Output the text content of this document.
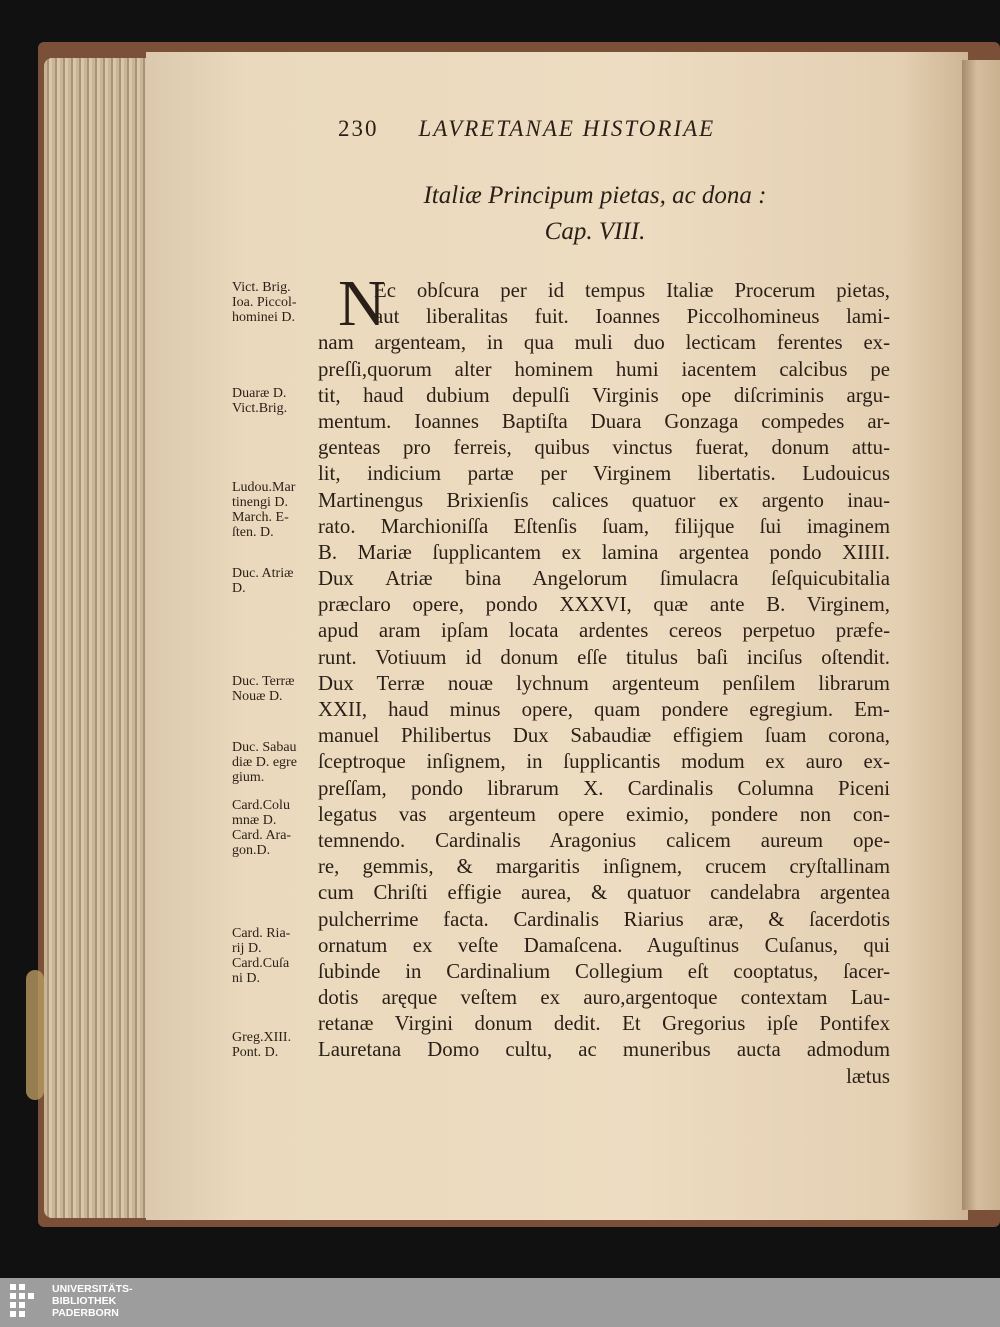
230 LAVRETANAE HISTORIAE
Italiæ Principum pietas, ac dona :
Cap. VIII.
N
Ec obſcura per id tempus Italiæ Procerum pietas,
aut liberalitas fuit. Ioannes Piccolhomineus lami-
nam argenteam, in qua muli duo lecticam ferentes ex-
preſſi,quorum alter hominem humi iacentem calcibus pe
tit, haud dubium depulſi Virginis ope diſcriminis argu-
mentum. Ioannes Baptiſta Duara Gonzaga compedes ar-
genteas pro ferreis, quibus vinctus fuerat, donum attu-
lit, indicium partæ per Virginem libertatis. Ludouicus
Martinengus Brixienſis calices quatuor ex argento inau-
rato. Marchioniſſa Eſtenſis ſuam, filijque ſui imaginem
B. Mariæ ſupplicantem ex lamina argentea pondo XIIII.
Dux Atriæ bina Angelorum ſimulacra ſeſquicubitalia
præclaro opere, pondo XXXVI, quæ ante B. Virginem,
apud aram ipſam locata ardentes cereos perpetuo præfe-
runt. Votiuum id donum eſſe titulus baſi inciſus oſtendit.
Dux Terræ nouæ lychnum argenteum penſilem librarum
XXII, haud minus opere, quam pondere egregium. Em-
manuel Philibertus Dux Sabaudiæ effigiem ſuam corona,
ſceptroque inſignem, in ſupplicantis modum ex auro ex-
preſſam, pondo librarum X. Cardinalis Columna Piceni
legatus vas argenteum opere eximio, pondere non con-
temnendo. Cardinalis Aragonius calicem aureum ope-
re, gemmis, & margaritis inſignem, crucem cryſtallinam
cum Chriſti effigie aurea, & quatuor candelabra argentea
pulcherrime facta. Cardinalis Riarius aræ, & ſacerdotis
ornatum ex veſte Damaſcena. Auguſtinus Cuſanus, qui
ſubinde in Cardinalium Collegium eſt cooptatus, ſacer-
dotis aręque veſtem ex auro,argentoque contextam Lau-
retanæ Virgini donum dedit. Et Gregorius ipſe Pontifex
Lauretana Domo cultu, ac muneribus aucta admodum
lætus
Vict. Brig.
Ioa. Piccol-
hominei D.
Duaræ D.
Vict.Brig.
Ludou.Mar
tinengi D.
March. E-
ſten. D.
Duc. Atriæ
D.
Duc. Terræ
Nouæ D.
Duc. Sabau
diæ D. egre
gium.
Card.Colu
mnæ D.
Card. Ara-
gon.D.
Card. Ria-
rij D.
Card.Cuſa
ni D.
Greg.XIII.
Pont. D.
UNIVERSITÄTS-
BIBLIOTHEK
PADERBORN
